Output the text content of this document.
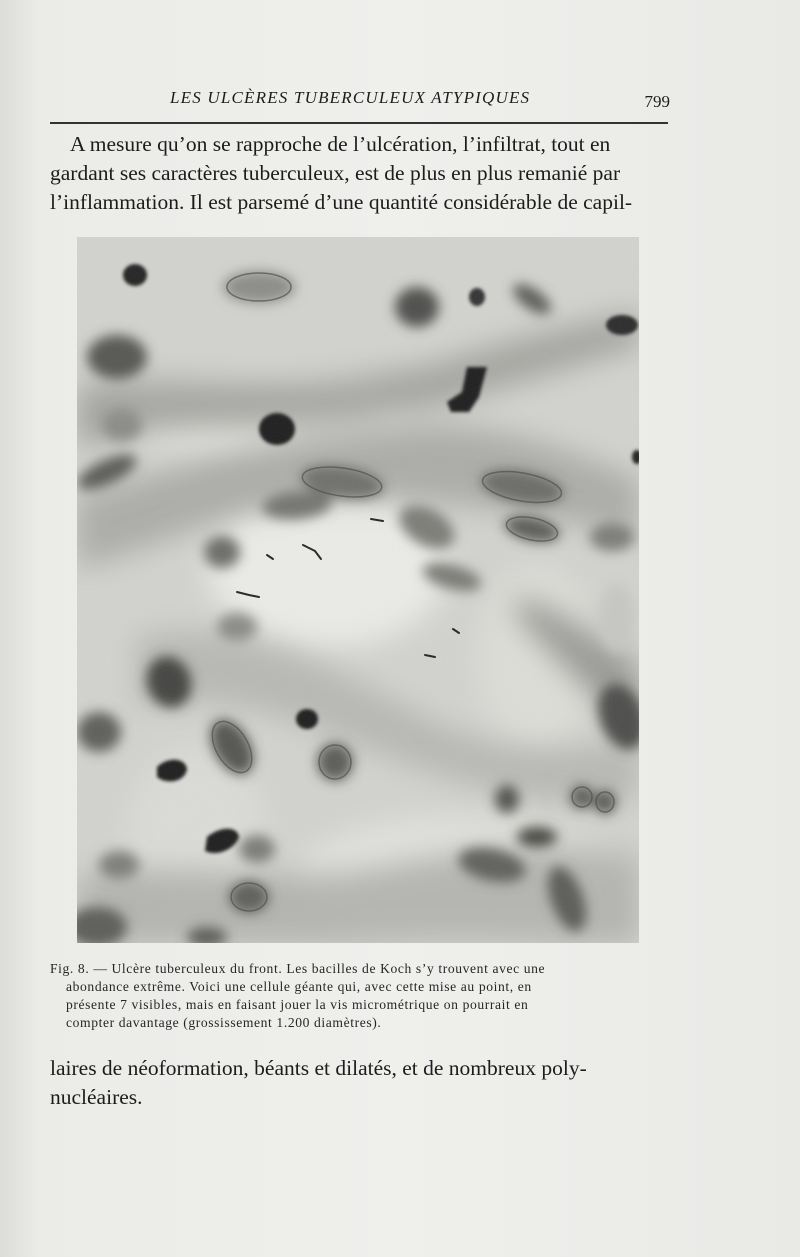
LES ULCÈRES TUBERCULEUX ATYPIQUES	799
A mesure qu’on se rapproche de l’ulcération, l’infiltrat, tout en
gardant ses caractères tuberculeux, est de plus en plus remanié par
l’inflammation. Il est parsemé d’une quantité considérable de capil-
Fig. 8. — Ulcère tuberculeux du front. Les bacilles de Koch s’y trouvent avec une
abondance extrême. Voici une cellule géante qui, avec cette mise au point, en
présente 7 visibles, mais en faisant jouer la vis micrométrique on pourrait en
compter davantage (grossissement 1.200 diamètres).
laires de néoformation, béants et dilatés, et de nombreux poly-
nucléaires.
